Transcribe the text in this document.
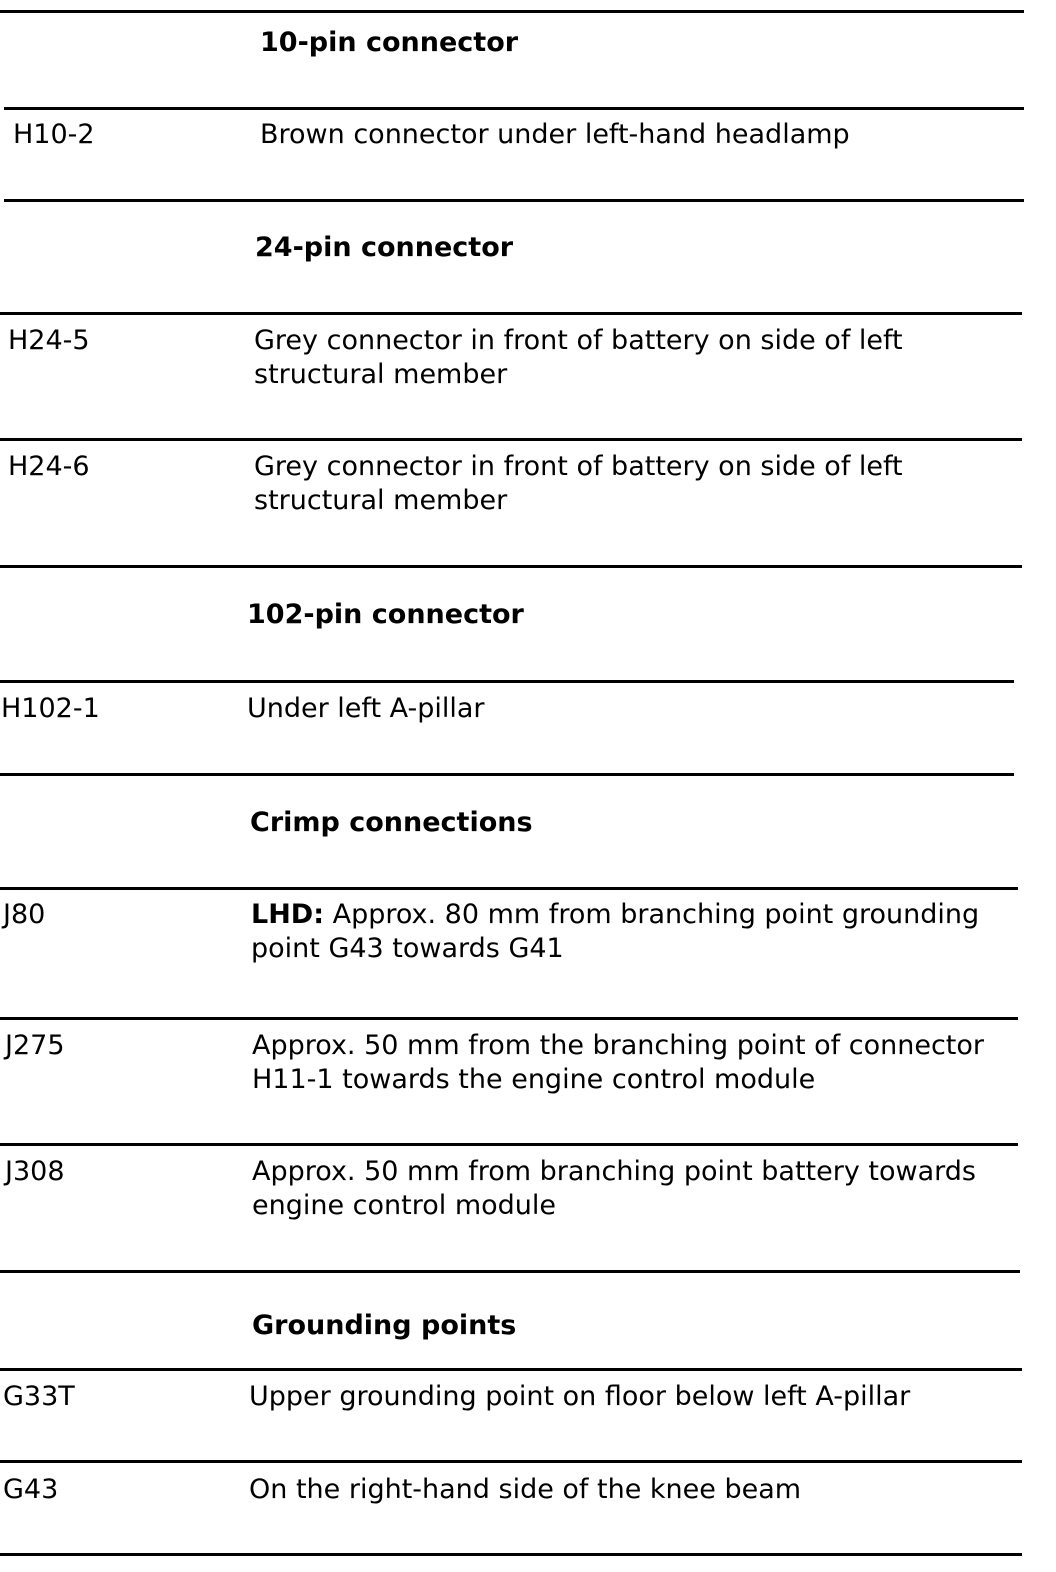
10-pin connector
H10-2	Brown connector under left-hand headlamp
24-pin connector
H24-5	Grey connector in front of battery on side of left
structural member
H24-6	Grey connector in front of battery on side of left
structural member
102-pin connector
H102-1	Under left A-pillar
Crimp connections
J80	LHD: Approx. 80 mm from branching point grounding
point G43 towards G41
J275	Approx. 50 mm from the branching point of connector
H11-1 towards the engine control module
J308	Approx. 50 mm from branching point battery towards
engine control module
Grounding points
G33T	Upper grounding point on floor below left A-pillar
G43	On the right-hand side of the knee beam
